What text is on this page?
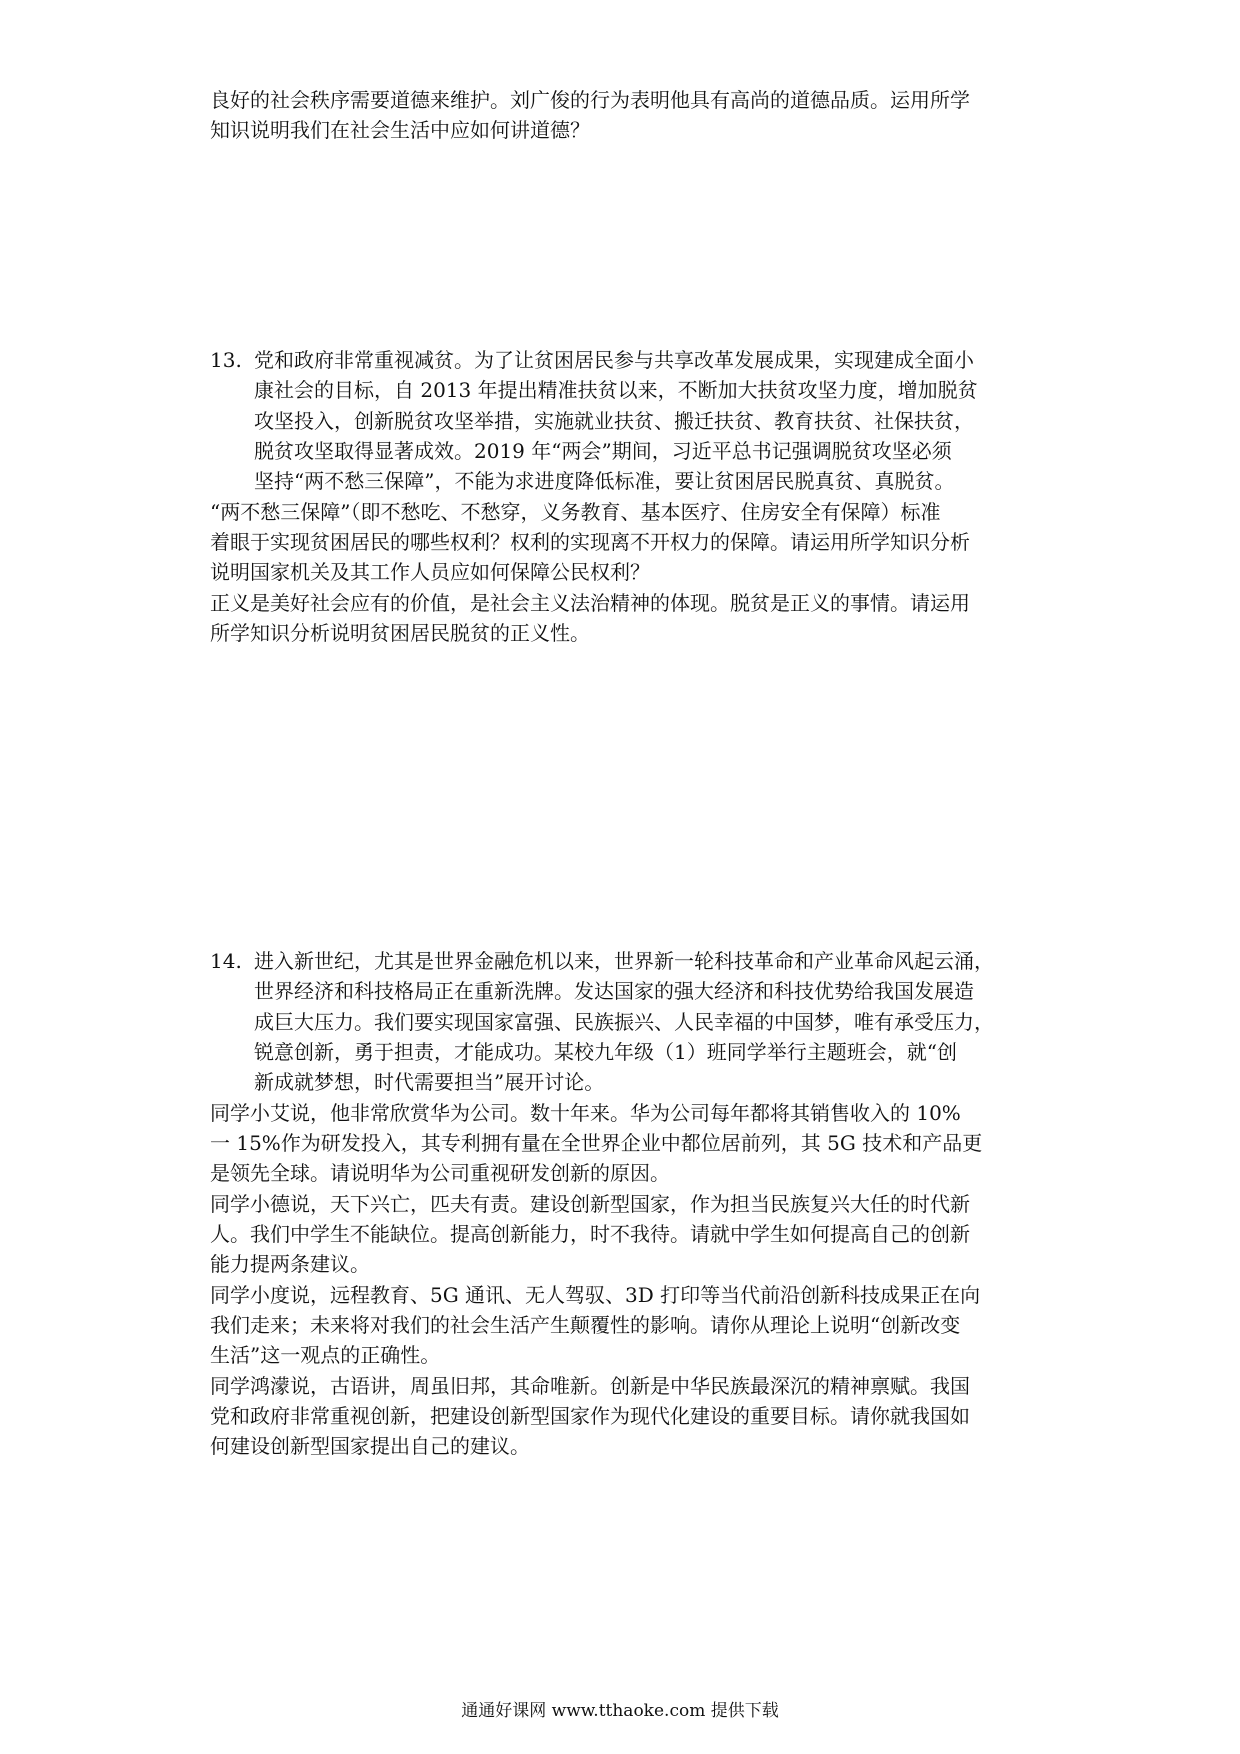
良好的社会秩序需要道德来维护。刘广俊的行为表明他具有高尚的道德品质。运用所学
知识说明我们在社会生活中应如何讲道德？
13. 党和政府非常重视减贫。为了让贫困居民参与共享改革发展成果，实现建成全面小
康社会的目标，自 2013 年提出精准扶贫以来，不断加大扶贫攻坚力度，增加脱贫
攻坚投入，创新脱贫攻坚举措，实施就业扶贫、搬迁扶贫、教育扶贫、社保扶贫，
脱贫攻坚取得显著成效。2019 年“两会”期间，习近平总书记强调脱贫攻坚必须
坚持“两不愁三保障”，不能为求进度降低标准，要让贫困居民脱真贫、真脱贫。
“两不愁三保障”（即不愁吃、不愁穿，义务教育、基本医疗、住房安全有保障）标准
着眼于实现贫困居民的哪些权利？权利的实现离不开权力的保障。请运用所学知识分析
说明国家机关及其工作人员应如何保障公民权利？
正义是美好社会应有的价值，是社会主义法治精神的体现。脱贫是正义的事情。请运用
所学知识分析说明贫困居民脱贫的正义性。
14. 进入新世纪，尤其是世界金融危机以来，世界新一轮科技革命和产业革命风起云涌，
世界经济和科技格局正在重新洗牌。发达国家的强大经济和科技优势给我国发展造
成巨大压力。我们要实现国家富强、民族振兴、人民幸福的中国梦，唯有承受压力，
锐意创新，勇于担责，才能成功。某校九年级（1）班同学举行主题班会，就“创
新成就梦想，时代需要担当”展开讨论。
同学小艾说，他非常欣赏华为公司。数十年来。华为公司每年都将其销售收入的 10%
一 15%作为研发投入，其专利拥有量在全世界企业中都位居前列，其 5G 技术和产品更
是领先全球。请说明华为公司重视研发创新的原因。
同学小德说，天下兴亡，匹夫有责。建设创新型国家，作为担当民族复兴大任的时代新
人。我们中学生不能缺位。提高创新能力，时不我待。请就中学生如何提高自己的创新
能力提两条建议。
同学小度说，远程教育、5G 通讯、无人驾驭、3D 打印等当代前沿创新科技成果正在向
我们走来；未来将对我们的社会生活产生颠覆性的影响。请你从理论上说明“创新改变
生活”这一观点的正确性。
同学鸿濛说，古语讲，周虽旧邦，其命唯新。创新是中华民族最深沉的精神禀赋。我国
党和政府非常重视创新，把建设创新型国家作为现代化建设的重要目标。请你就我国如
何建设创新型国家提出自己的建议。
通通好课网 www.tthaoke.com 提供下载
